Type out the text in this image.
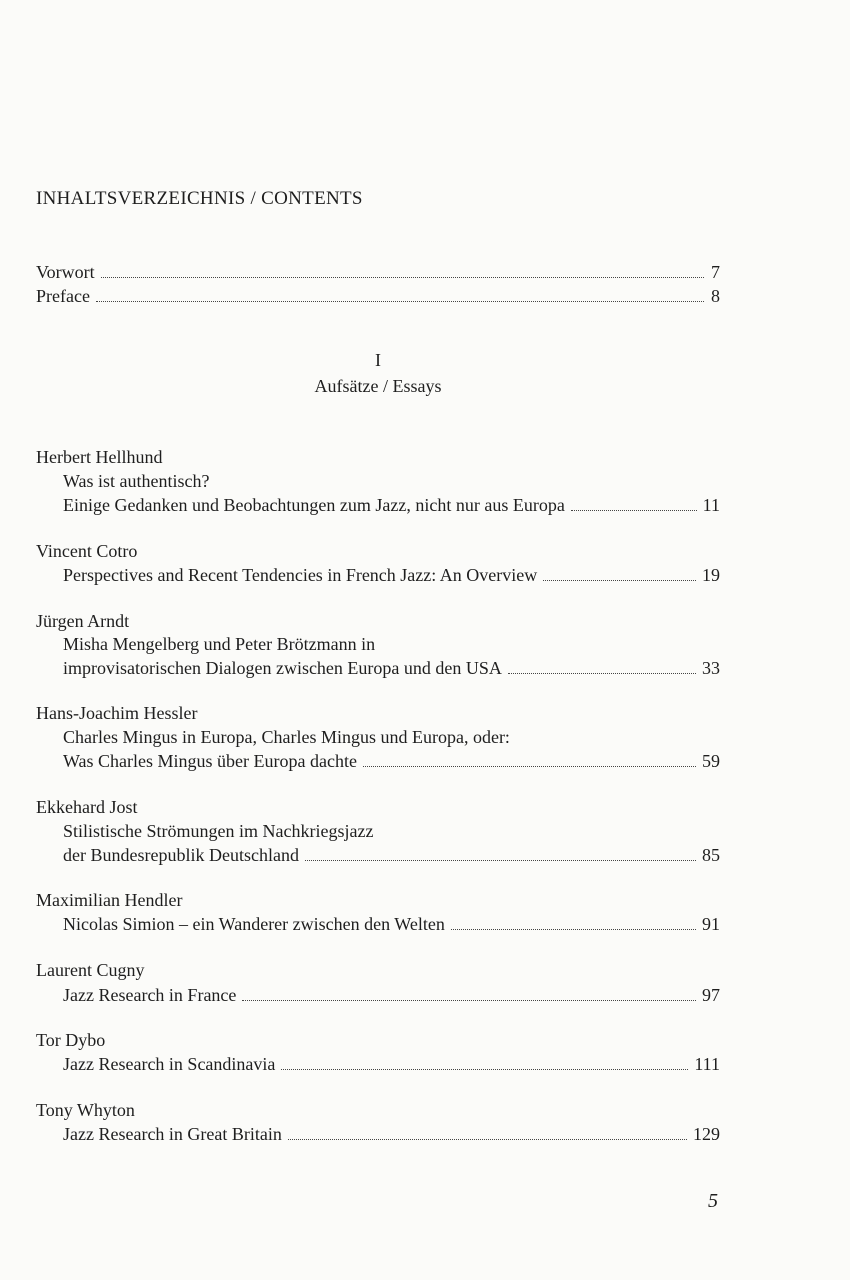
INHALTSVERZEICHNIS / CONTENTS
Vorwort	7
Preface	8
I
Aufsätze / Essays
Herbert Hellhund
Was ist authentisch?
Einige Gedanken und Beobachtungen zum Jazz, nicht nur aus Europa	11
Vincent Cotro
Perspectives and Recent Tendencies in French Jazz: An Overview	19
Jürgen Arndt
Misha Mengelberg und Peter Brötzmann in
improvisatorischen Dialogen zwischen Europa und den USA	33
Hans-Joachim Hessler
Charles Mingus in Europa, Charles Mingus und Europa, oder:
Was Charles Mingus über Europa dachte	59
Ekkehard Jost
Stilistische Strömungen im Nachkriegsjazz
der Bundesrepublik Deutschland	85
Maximilian Hendler
Nicolas Simion – ein Wanderer zwischen den Welten	91
Laurent Cugny
Jazz Research in France	97
Tor Dybo
Jazz Research in Scandinavia	111
Tony Whyton
Jazz Research in Great Britain	129
5
